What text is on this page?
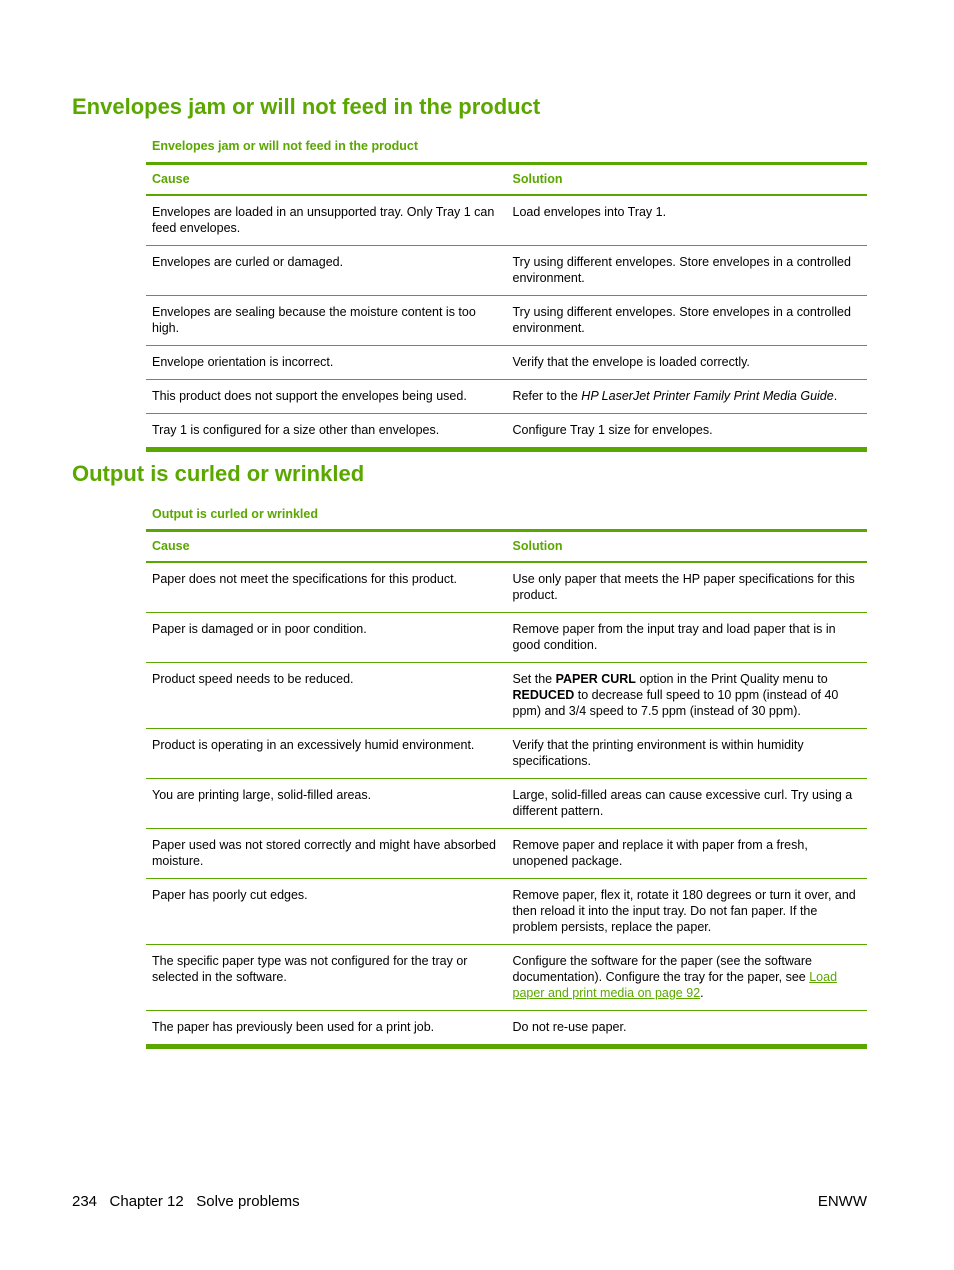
Envelopes jam or will not feed in the product
Envelopes jam or will not feed in the product
Cause	Solution
Envelopes are loaded in an unsupported tray. Only Tray 1 can feed envelopes.	Load envelopes into Tray 1.
Envelopes are curled or damaged.	Try using different envelopes. Store envelopes in a controlled environment.
Envelopes are sealing because the moisture content is too high.	Try using different envelopes. Store envelopes in a controlled environment.
Envelope orientation is incorrect.	Verify that the envelope is loaded correctly.
This product does not support the envelopes being used.	Refer to the HP LaserJet Printer Family Print Media Guide.
Tray 1 is configured for a size other than envelopes.	Configure Tray 1 size for envelopes.
Output is curled or wrinkled
Output is curled or wrinkled
Cause	Solution
Paper does not meet the specifications for this product.	Use only paper that meets the HP paper specifications for this product.
Paper is damaged or in poor condition.	Remove paper from the input tray and load paper that is in good condition.
Product speed needs to be reduced.	Set the PAPER CURL option in the Print Quality menu to REDUCED to decrease full speed to 10 ppm (instead of 40 ppm) and 3/4 speed to 7.5 ppm (instead of 30 ppm).
Product is operating in an excessively humid environment.	Verify that the printing environment is within humidity specifications.
You are printing large, solid-filled areas.	Large, solid-filled areas can cause excessive curl. Try using a different pattern.
Paper used was not stored correctly and might have absorbed moisture.	Remove paper and replace it with paper from a fresh, unopened package.
Paper has poorly cut edges.	Remove paper, flex it, rotate it 180 degrees or turn it over, and then reload it into the input tray. Do not fan paper. If the problem persists, replace the paper.
The specific paper type was not configured for the tray or selected in the software.	Configure the software for the paper (see the software documentation). Configure the tray for the paper, see Load paper and print media on page 92.
The paper has previously been used for a print job.	Do not re-use paper.
234   Chapter 12   Solve problems	ENWW
